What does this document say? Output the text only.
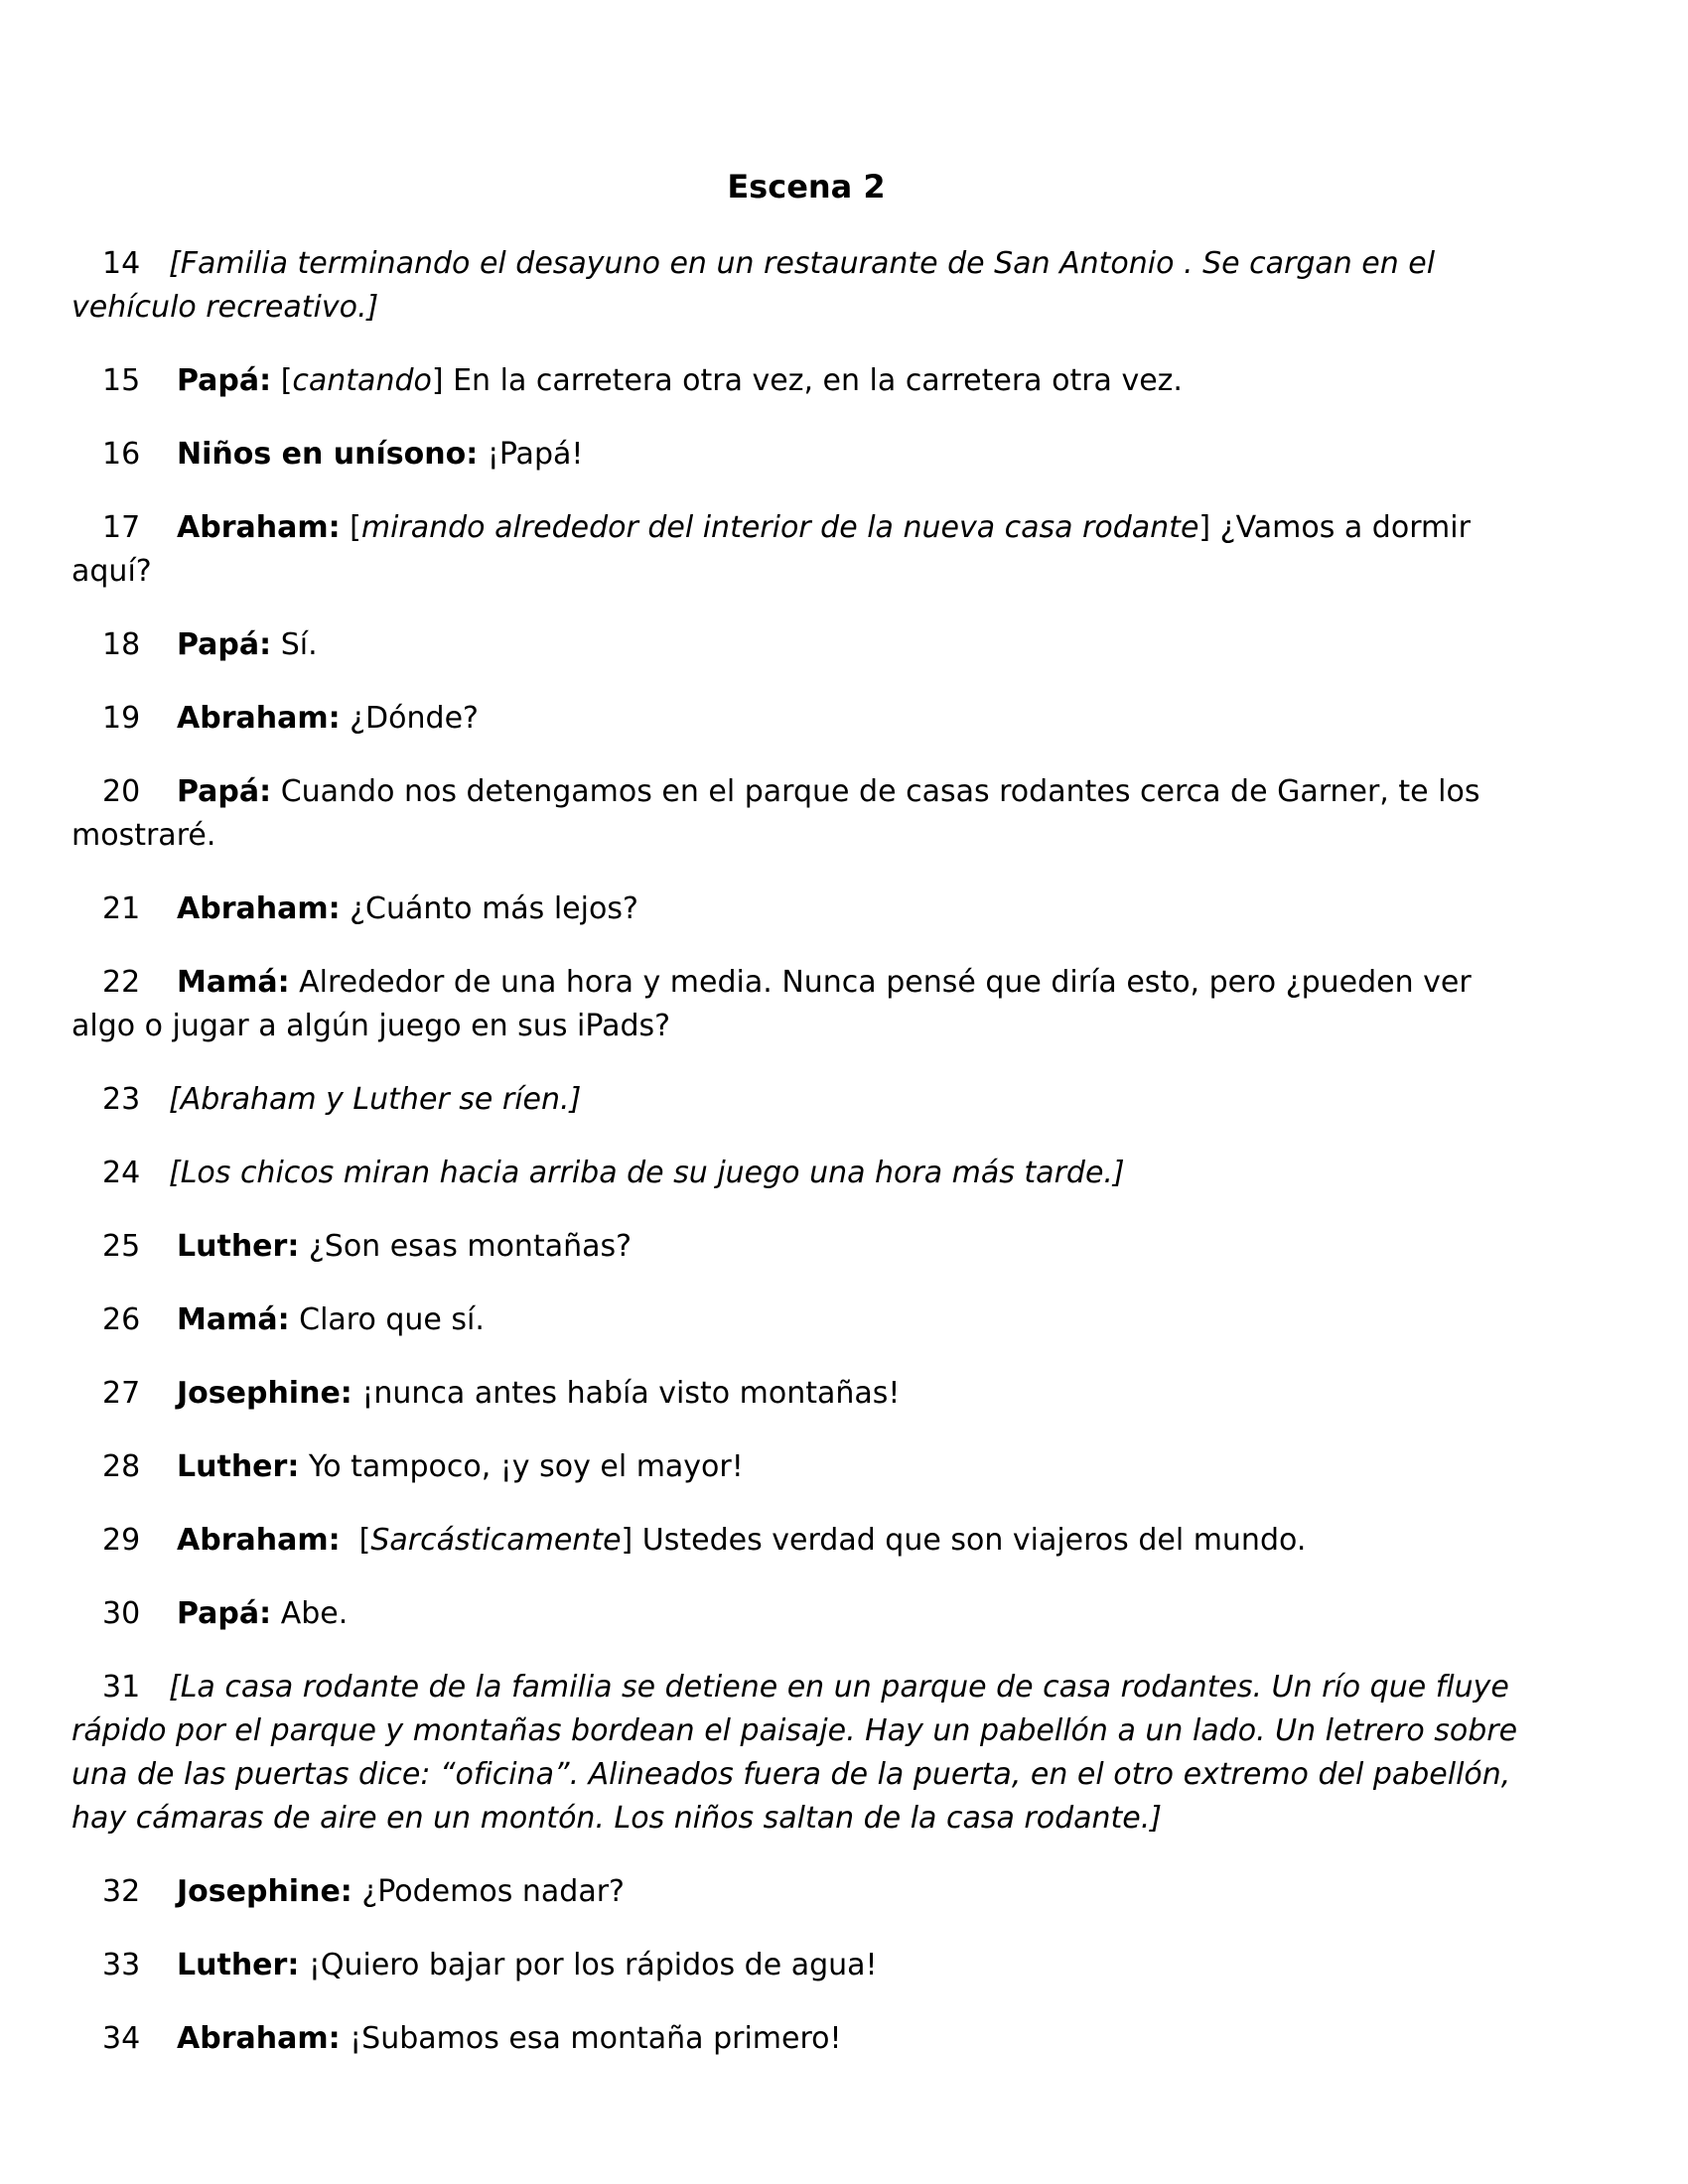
Escena 2

14 [Familia terminando el desayuno en un restaurante de San Antonio . Se cargan en el vehículo recreativo.]

15 Papá: [cantando] En la carretera otra vez, en la carretera otra vez.

16 Niños en unísono: ¡Papá!

17 Abraham: [mirando alrededor del interior de la nueva casa rodante] ¿Vamos a dormir aquí?

18 Papá: Sí.

19 Abraham: ¿Dónde?

20 Papá: Cuando nos detengamos en el parque de casas rodantes cerca de Garner, te los mostraré.

21 Abraham: ¿Cuánto más lejos?

22 Mamá: Alrededor de una hora y media. Nunca pensé que diría esto, pero ¿pueden ver algo o jugar a algún juego en sus iPads?

23 [Abraham y Luther se ríen.]

24 [Los chicos miran hacia arriba de su juego una hora más tarde.]

25 Luther: ¿Son esas montañas?

26 Mamá: Claro que sí.

27 Josephine: ¡nunca antes había visto montañas!

28 Luther: Yo tampoco, ¡y soy el mayor!

29 Abraham:  [Sarcásticamente] Ustedes verdad que son viajeros del mundo.

30 Papá: Abe.

31 [La casa rodante de la familia se detiene en un parque de casa rodantes. Un río que fluye rápido por el parque y montañas bordean el paisaje. Hay un pabellón a un lado. Un letrero sobre una de las puertas dice: “oficina”. Alineados fuera de la puerta, en el otro extremo del pabellón, hay cámaras de aire en un montón. Los niños saltan de la casa rodante.]

32 Josephine: ¿Podemos nadar?

33 Luther: ¡Quiero bajar por los rápidos de agua!

34 Abraham: ¡Subamos esa montaña primero!
